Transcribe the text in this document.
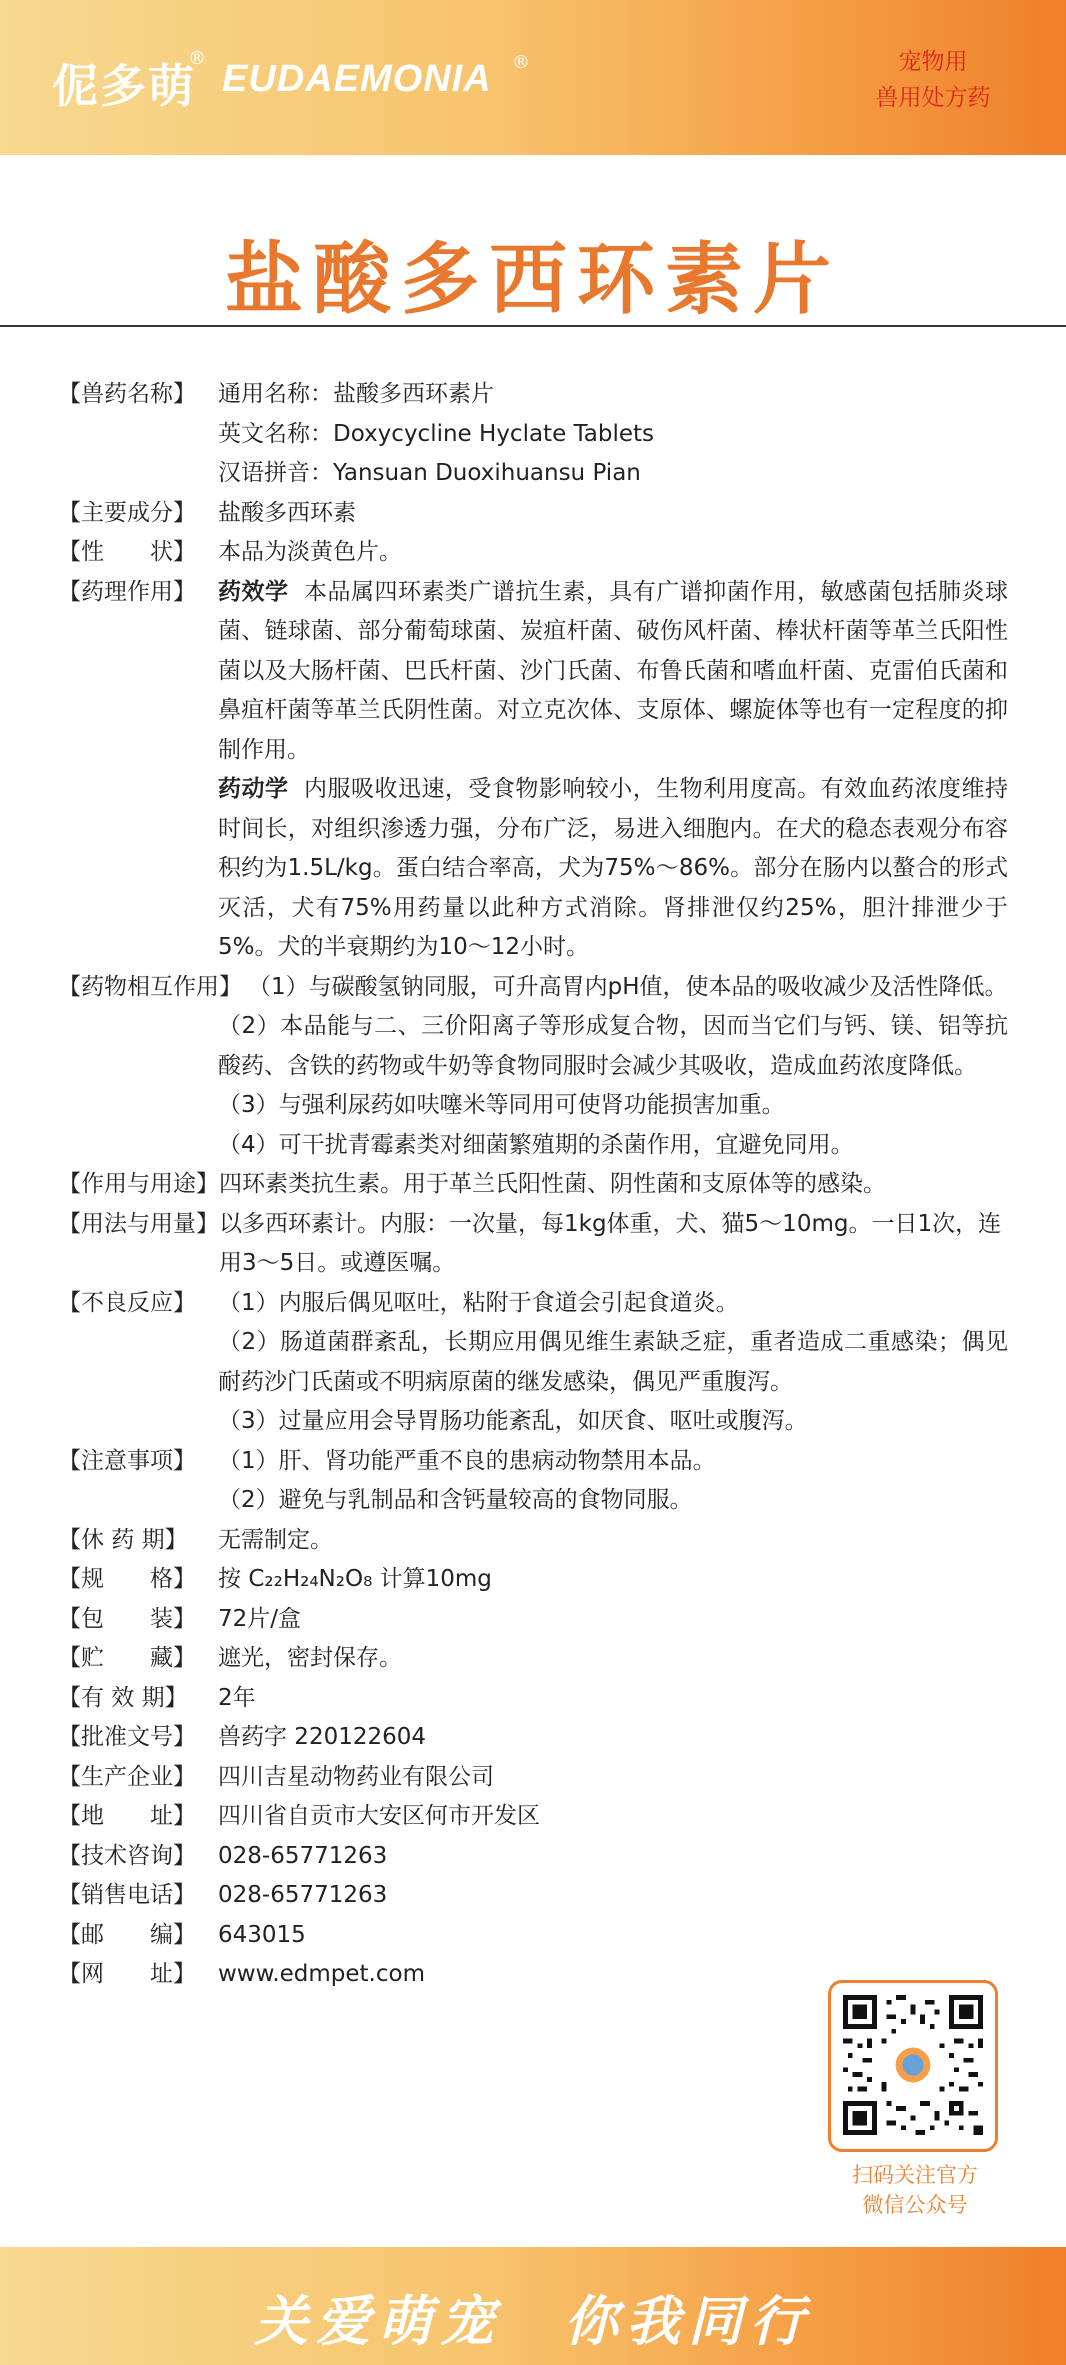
伲多萌
® EUDAEMONIA ®	宠物用
兽用处方药
盐酸多西环素片
【兽药名称】 通用名称：盐酸多西环素片
英文名称：Doxycycline Hyclate Tablets
汉语拼音：Yansuan Duoxihuansu Pian
【主要成分】 盐酸多西环素
【性　　状】 本品为淡黄色片。
【药理作用】 药效学 本品属四环素类广谱抗生素，具有广谱抑菌作用，敏感菌包括肺炎球菌、链球菌、部分葡萄球菌、炭疽杆菌、破伤风杆菌、棒状杆菌等革兰氏阳性菌以及大肠杆菌、巴氏杆菌、沙门氏菌、布鲁氏菌和嗜血杆菌、克雷伯氏菌和鼻疽杆菌等革兰氏阴性菌。对立克次体、支原体、螺旋体等也有一定程度的抑制作用。
药动学 内服吸收迅速，受食物影响较小，生物利用度高。有效血药浓度维持时间长，对组织渗透力强，分布广泛，易进入细胞内。在犬的稳态表观分布容积约为1.5L/kg。蛋白结合率高，犬为75%～86%。部分在肠内以螯合的形式灭活，犬有75%用药量以此种方式消除。肾排泄仅约25%，胆汁排泄少于5%。犬的半衰期约为10～12小时。
【药物相互作用】 （1）与碳酸氢钠同服，可升高胃内pH值，使本品的吸收减少及活性降低。
（2）本品能与二、三价阳离子等形成复合物，因而当它们与钙、镁、铝等抗酸药、含铁的药物或牛奶等食物同服时会减少其吸收，造成血药浓度降低。
（3）与强利尿药如呋噻米等同用可使肾功能损害加重。
（4）可干扰青霉素类对细菌繁殖期的杀菌作用，宜避免同用。
【作用与用途】 四环素类抗生素。用于革兰氏阳性菌、阴性菌和支原体等的感染。
【用法与用量】 以多西环素计。内服：一次量，每1kg体重，犬、猫5～10mg。一日1次，连用3～5日。或遵医嘱。
【不良反应】 （1）内服后偶见呕吐，粘附于食道会引起食道炎。
（2）肠道菌群紊乱，长期应用偶见维生素缺乏症，重者造成二重感染；偶见耐药沙门氏菌或不明病原菌的继发感染，偶见严重腹泻。
（3）过量应用会导胃肠功能紊乱，如厌食、呕吐或腹泻。
【注意事项】 （1）肝、肾功能严重不良的患病动物禁用本品。
（2）避免与乳制品和含钙量较高的食物同服。
【休 药 期】	无需制定。
【规　　格】 按 C₂₂H₂₄N₂O₈ 计算10mg
【包　　装】 72片/盒
【贮　　藏】 遮光，密封保存。
【有 效 期】	2年
【批准文号】 兽药字 220122604
【生产企业】 四川吉星动物药业有限公司
【地　　址】 四川省自贡市大安区何市开发区
【技术咨询】 028-65771263
【销售电话】 028-65771263
【邮　　编】 643015
【网　　址】 www.edmpet.com
扫码关注官方
微信公众号
关爱萌宠　你我同行
